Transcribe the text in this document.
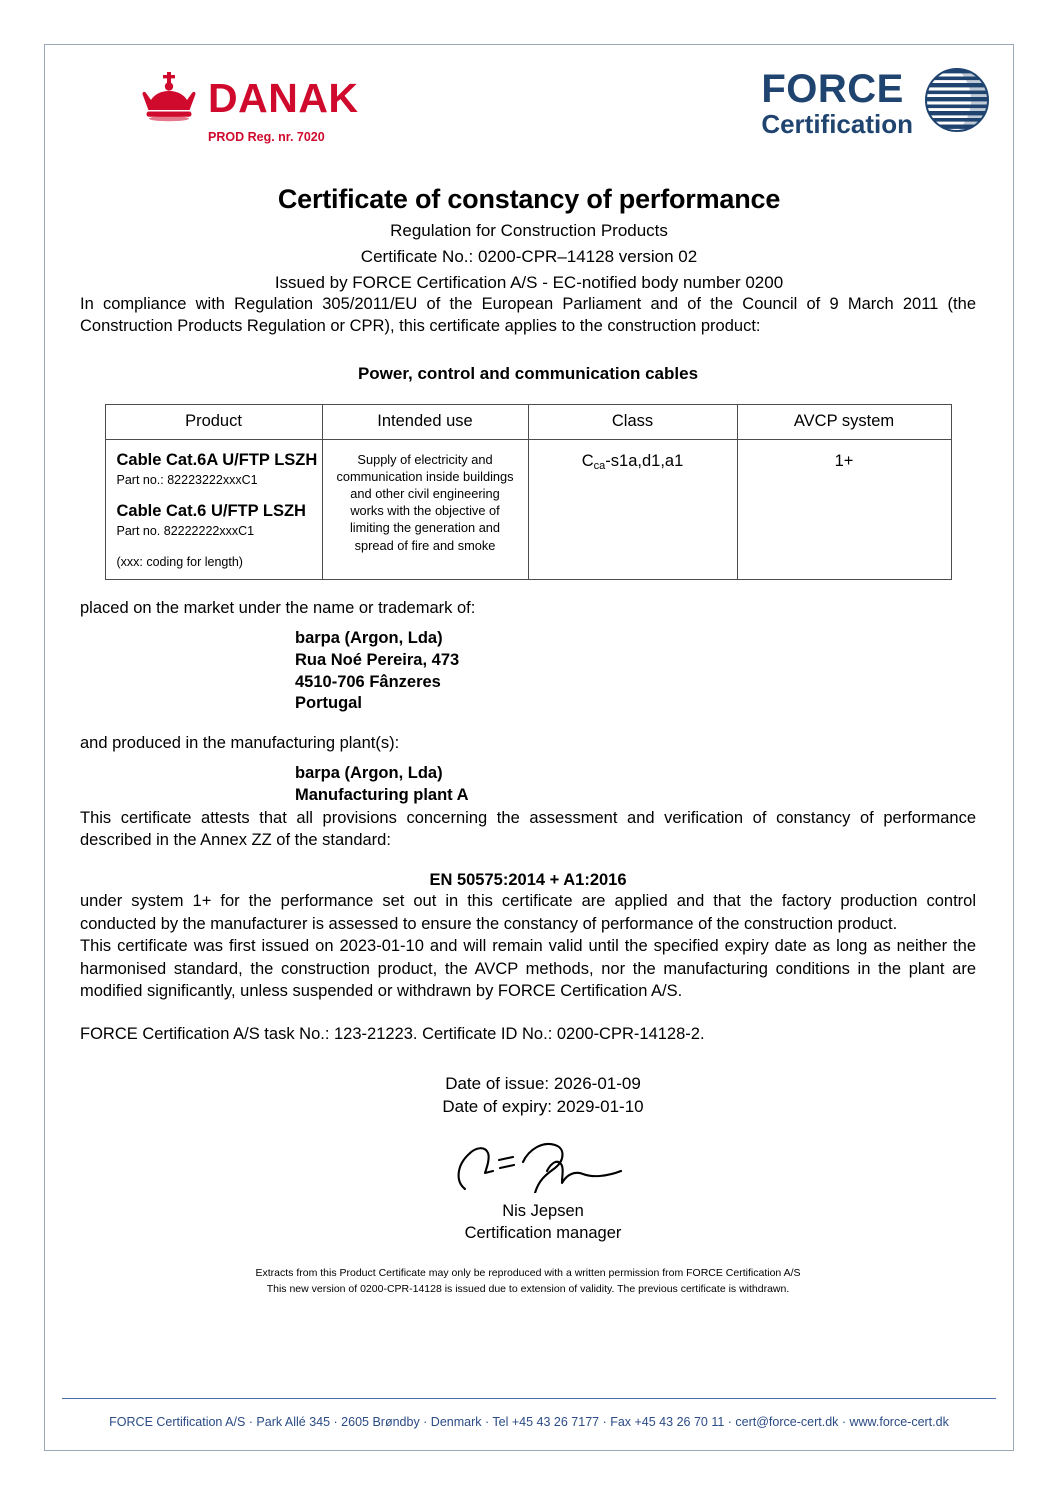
DANAK
PROD Reg. nr. 7020
FORCE
Certification
Certificate of constancy of performance
Regulation for Construction Products
Certificate No.: 0200-CPR–14128 version 02
Issued by FORCE Certification A/S - EC-notified body number 0200

In compliance with Regulation 305/2011/EU of the European Parliament and of the Council of 9 March 2011 (the Construction Products Regulation or CPR), this certificate applies to the construction product:

Power, control and communication cables
Product	Intended use	Class	AVCP system

Cable Cat.6A U/FTP LSZH
Part no.: 82223222xxxC1
Cable Cat.6 U/FTP LSZH
Part no. 82222222xxxC1
(xxx: coding for length)	Supply of electricity and communication inside buildings and other civil engineering works with the objective of limiting the generation and spread of fire and smoke	$C_{ca}-s1a,d1,a1$	1+
placed on the market under the name or trademark of:
barpa (Argon, Lda)
Rua Noé Pereira, 473
4510-706 Fânzeres
Portugal
and produced in the manufacturing plant(s):
barpa (Argon, Lda)
Manufacturing plant A

This certificate attests that all provisions concerning the assessment and verification of constancy of performance described in the Annex ZZ of the standard:

EN 50575:2014 + A1:2016

under system 1+ for the performance set out in this certificate are applied and that the factory production control conducted by the manufacturer is assessed to ensure the constancy of performance of the construction product.

This certificate was first issued on 2023-01-10 and will remain valid until the specified expiry date as long as neither the harmonised standard, the construction product, the AVCP methods, nor the manufacturing conditions in the plant are modified significantly, unless suspended or withdrawn by FORCE Certification A/S.

FORCE Certification A/S task No.: 123-21223. Certificate ID No.: 0200-CPR-14128-2.
Date of issue: 2026-01-09
Date of expiry: 2029-01-10
Nis Jepsen
Certification manager
Extracts from this Product Certificate may only be reproduced with a written permission from FORCE Certification A/S
This new version of 0200-CPR-14128 is issued due to extension of validity. The previous certificate is withdrawn.
FORCE Certification A/S · Park Allé 345 · 2605 Brøndby · Denmark · Tel +45 43 26 7177 · Fax +45 43 26 70 11 · cert@force-cert.dk · www.force-cert.dk
